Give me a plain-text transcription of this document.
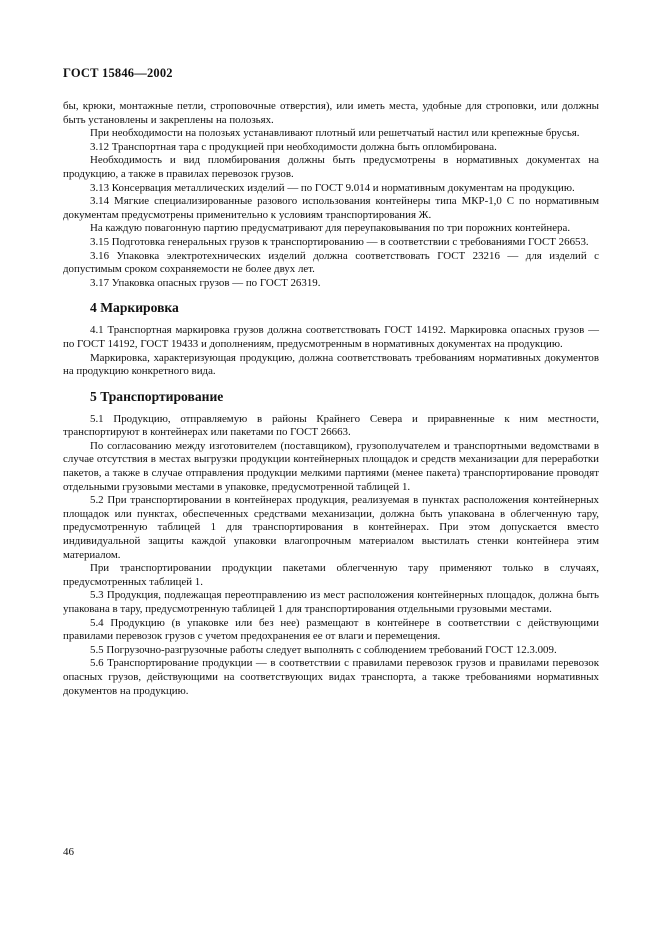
ГОСТ 15846—2002

бы, крюки, монтажные петли, строповочные отверстия), или иметь места, удобные для строповки, или должны быть установлены и закреплены на полозьях.

При необходимости на полозьях устанавливают плотный или решетчатый настил или крепежные брусья.

3.12 Транспортная тара с продукцией при необходимости должна быть опломбирована.

Необходимость и вид пломбирования должны быть предусмотрены в нормативных документах на продукцию, а также в правилах перевозок грузов.

3.13 Консервация металлических изделий — по ГОСТ 9.014 и нормативным документам на продукцию.

3.14 Мягкие специализированные разового использования контейнеры типа МКР-1,0 С по нормативным документам предусмотрены применительно к условиям транспортирования Ж.

На каждую повагонную партию предусматривают для переупаковывания по три порожних контейнера.

3.15 Подготовка генеральных грузов к транспортированию — в соответствии с требованиями ГОСТ 26653.

3.16 Упаковка электротехнических изделий должна соответствовать ГОСТ 23216 — для изделий с допустимым сроком сохраняемости не более двух лет.

3.17 Упаковка опасных грузов — по ГОСТ 26319.

4 Маркировка

4.1 Транспортная маркировка грузов должна соответствовать ГОСТ 14192. Маркировка опасных грузов — по ГОСТ 14192, ГОСТ 19433 и дополнениям, предусмотренным в нормативных документах на продукцию.

Маркировка, характеризующая продукцию, должна соответствовать требованиям нормативных документов на продукцию конкретного вида.

5 Транспортирование

5.1 Продукцию, отправляемую в районы Крайнего Севера и приравненные к ним местности, транспортируют в контейнерах или пакетами по ГОСТ 26663.

По согласованию между изготовителем (поставщиком), грузополучателем и транспортными ведомствами в случае отсутствия в местах выгрузки продукции контейнерных площадок и средств механизации для переработки пакетов, а также в случае отправления продукции мелкими партиями (менее пакета) транспортирование проводят отдельными грузовыми местами в упаковке, предусмотренной таблицей 1.

5.2 При транспортировании в контейнерах продукция, реализуемая в пунктах расположения контейнерных площадок или пунктах, обеспеченных средствами механизации, должна быть упакована в облегченную тару, предусмотренную таблицей 1 для транспортирования в контейнерах. При этом допускается вместо индивидуальной защиты каждой упаковки влагопрочным материалом выстилать стенки контейнера этим материалом.

При транспортировании продукции пакетами облегченную тару применяют только в случаях, предусмотренных таблицей 1.

5.3 Продукция, подлежащая переотправлению из мест расположения контейнерных площадок, должна быть упакована в тару, предусмотренную таблицей 1 для транспортирования отдельными грузовыми местами.

5.4 Продукцию (в упаковке или без нее) размещают в контейнере в соответствии с действующими правилами перевозок грузов с учетом предохранения ее от влаги и перемещения.

5.5 Погрузочно-разгрузочные работы следует выполнять с соблюдением требований ГОСТ 12.3.009.

5.6 Транспортирование продукции — в соответствии с правилами перевозок грузов и правилами перевозок опасных грузов, действующими на соответствующих видах транспорта, а также требованиями нормативных документов на продукцию.

46
